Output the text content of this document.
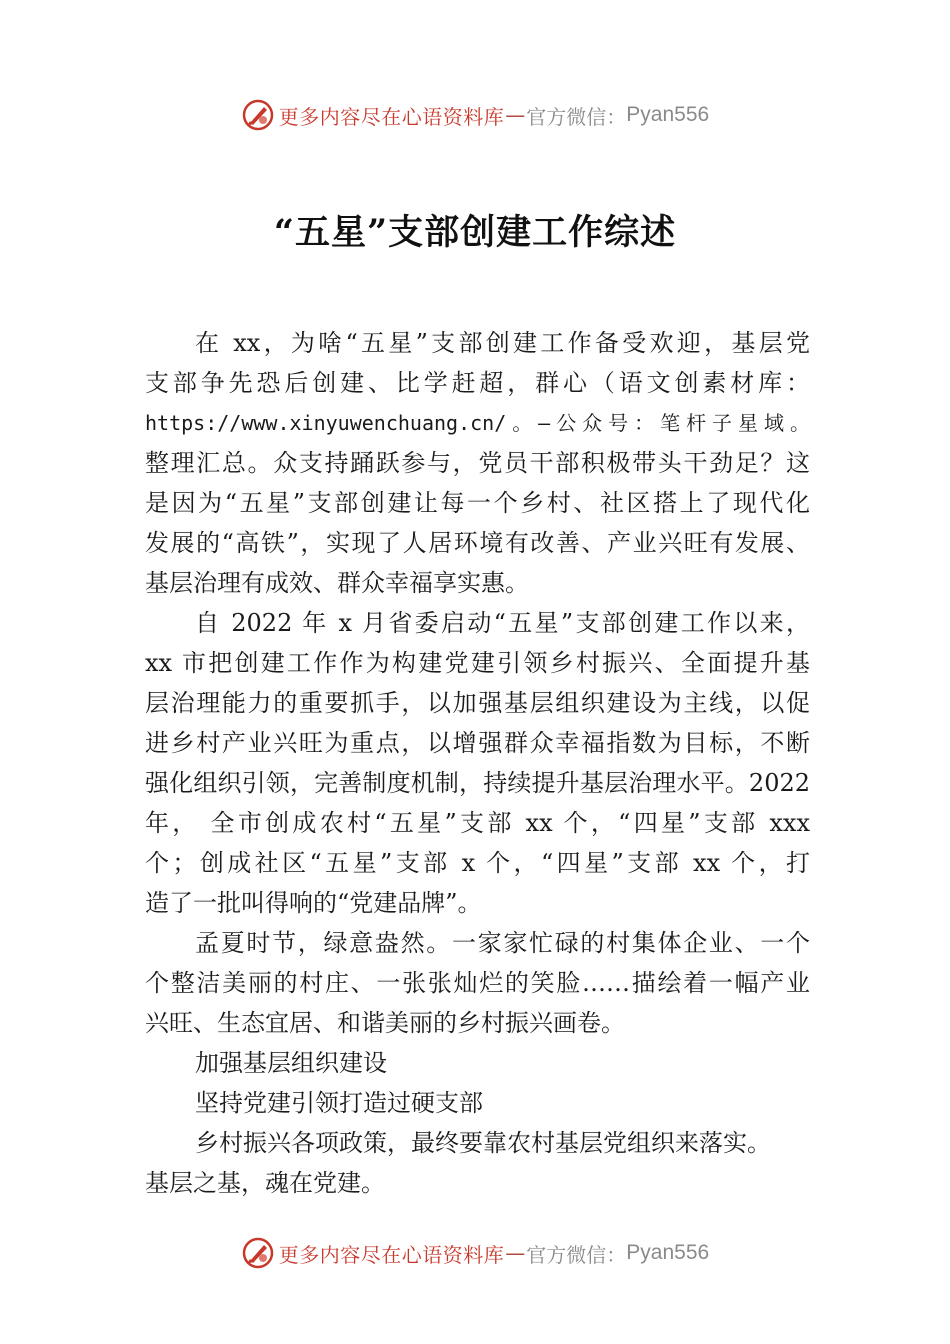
更多内容尽在心语资料库 — 官方微信： Pyan556
“五星”支部创建工作综述
在 xx，为啥“五星”支部创建工作备受欢迎，基层党
支部争先恐后创建、比学赶超，群心（语文创素材库：
https://www.xinyuwenchuang.cn/。—公众号：笔杆子星域。
整理汇总。众支持踊跃参与，党员干部积极带头干劲足？这
是因为“五星”支部创建让每一个乡村、社区搭上了现代化
发展的“高铁”，实现了人居环境有改善、产业兴旺有发展、
基层治理有成效、群众幸福享实惠。
自 2022 年 x 月省委启动“五星”支部创建工作以来，
xx 市把创建工作作为构建党建引领乡村振兴、全面提升基
层治理能力的重要抓手，以加强基层组织建设为主线，以促
进乡村产业兴旺为重点，以增强群众幸福指数为目标，不断
强化组织引领，完善制度机制，持续提升基层治理水平。2022
年， 全市创成农村“五星”支部 xx 个，“四星”支部 xxx
个；创成社区“五星”支部 x 个，“四星”支部 xx 个，打
造了一批叫得响的“党建品牌”。
孟夏时节，绿意盎然。一家家忙碌的村集体企业、一个
个整洁美丽的村庄、一张张灿烂的笑脸……描绘着一幅产业
兴旺、生态宜居、和谐美丽的乡村振兴画卷。
加强基层组织建设
坚持党建引领打造过硬支部
乡村振兴各项政策，最终要靠农村基层党组织来落实。
基层之基，魂在党建。
更多内容尽在心语资料库 — 官方微信： Pyan556
